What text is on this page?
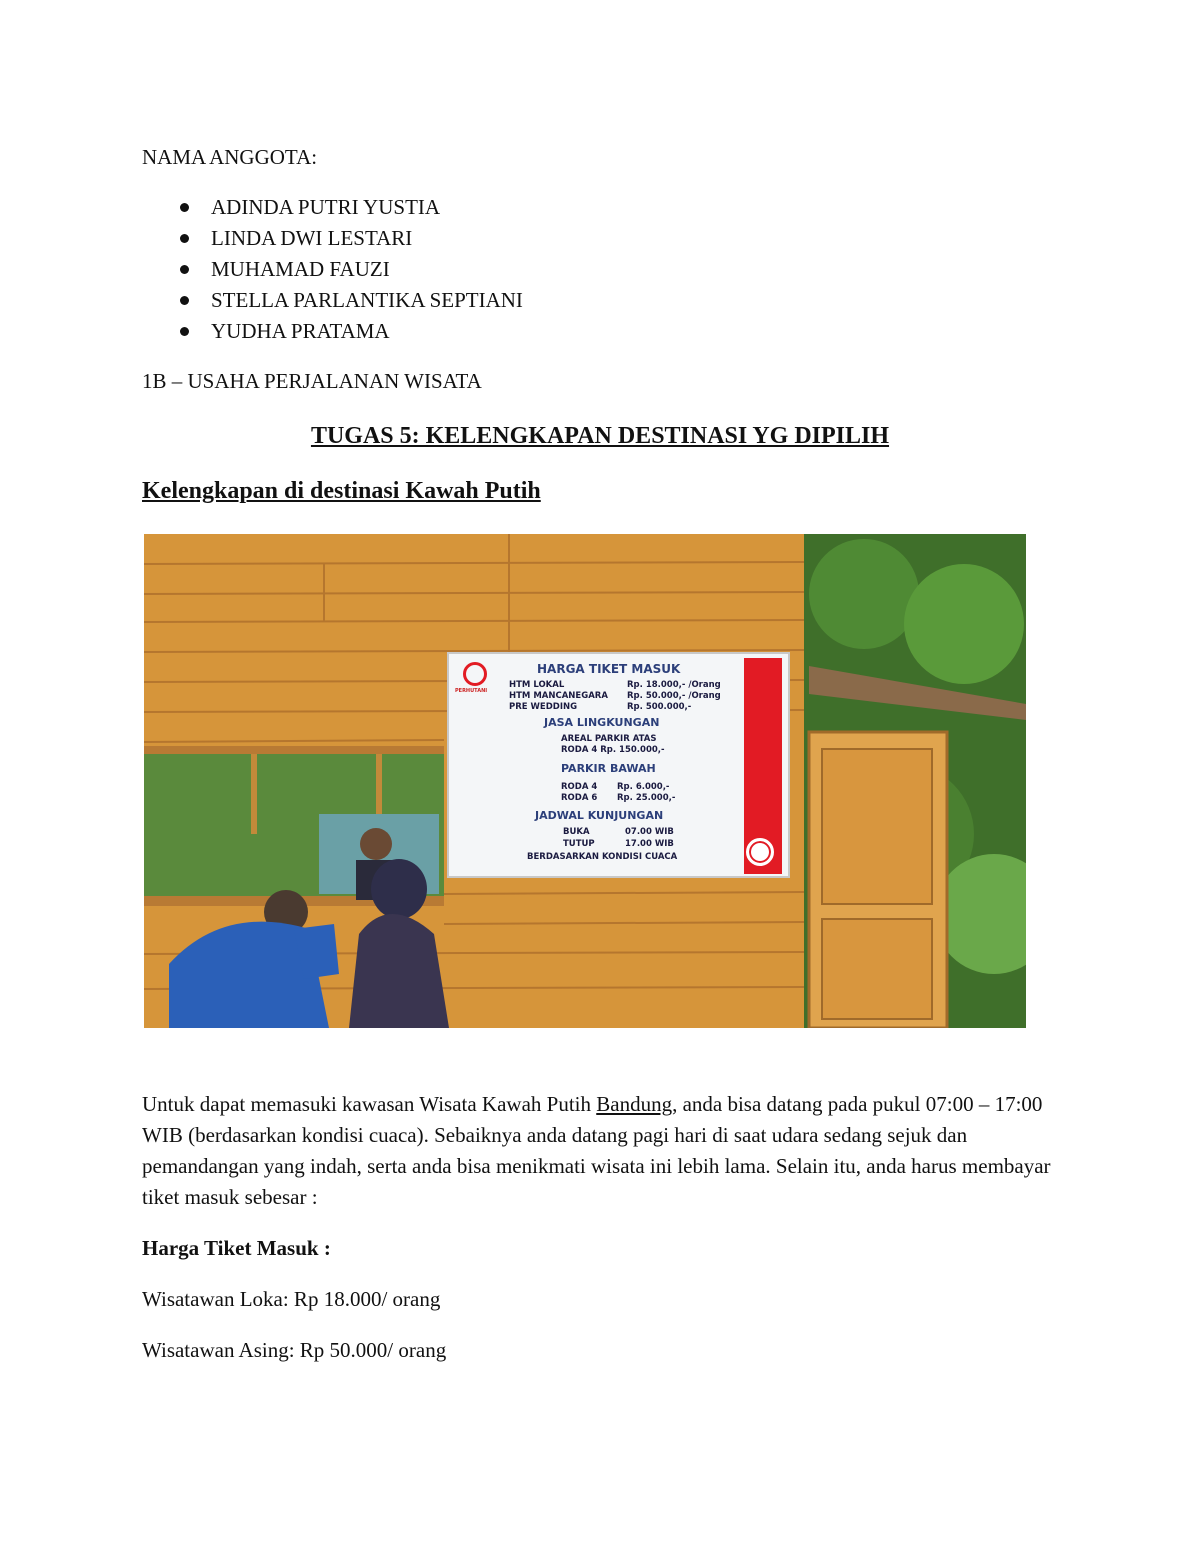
NAMA ANGGOTA:

ADINDA PUTRI YUSTIA
LINDA DWI LESTARI
MUHAMAD FAUZI
STELLA PARLANTIKA SEPTIANI
YUDHA PRATAMA

1B – USAHA PERJALANAN WISATA

TUGAS 5: KELENGKAPAN DESTINASI YG DIPILIH

Kelengkapan di destinasi Kawah Putih

PERHUTANI
HARGA TIKET MASUK
HTM LOKAL	Rp. 18.000,- /Orang
HTM MANCANEGARA Rp. 50.000,- /Orang
PRE WEDDING	Rp. 500.000,-
JASA LINGKUNGAN
AREAL PARKIR ATAS
RODA 4 Rp. 150.000,-
PARKIR BAWAH
RODA 4 Rp. 6.000,-
RODA 6 Rp. 25.000,-
JADWAL KUNJUNGAN
BUKA	07.00 WIB
TUTUP	17.00 WIB
BERDASARKAN KONDISI CUACA

Untuk dapat memasuki kawasan Wisata Kawah Putih Bandung, anda bisa datang pada pukul 07:00 – 17:00 WIB (berdasarkan kondisi cuaca). Sebaiknya anda datang pagi hari di saat udara sedang sejuk dan pemandangan yang indah, serta anda bisa menikmati wisata ini lebih lama. Selain itu, anda harus membayar tiket masuk sebesar :

Harga Tiket Masuk :

Wisatawan Loka: Rp 18.000/ orang

Wisatawan Asing: Rp 50.000/ orang
